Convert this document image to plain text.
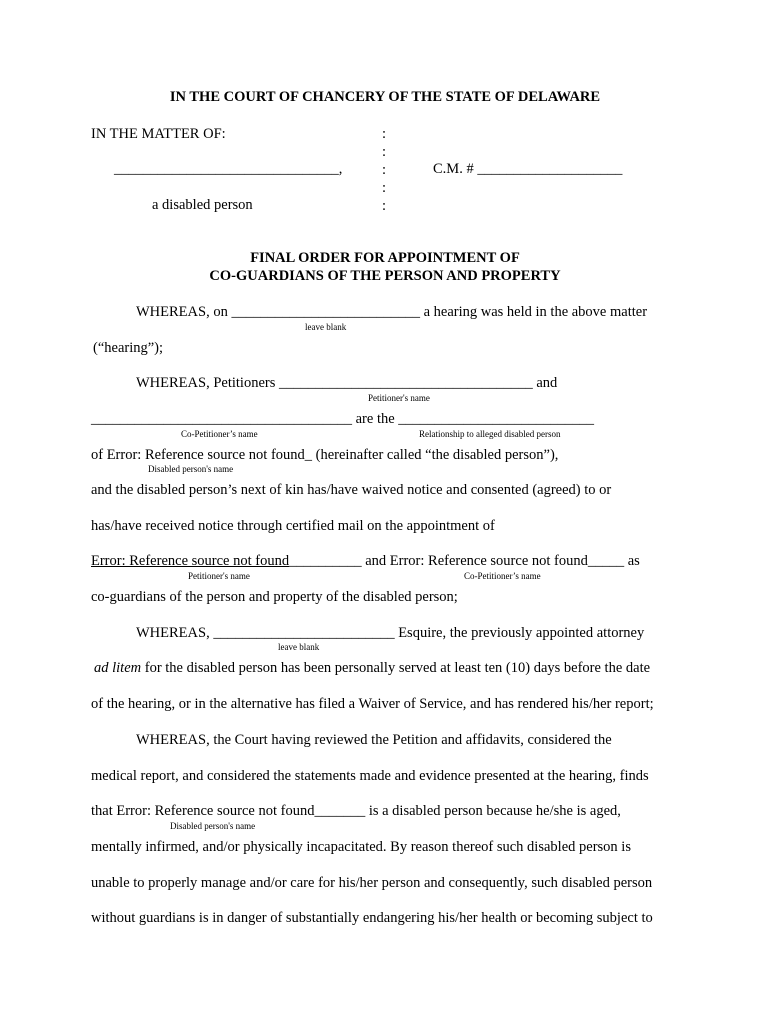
IN THE COURT OF CHANCERY OF THE STATE OF DELAWARE
IN THE MATTER OF:
_______________________________,
a disabled person
:
:
:
:
:
C.M. # ____________________
FINAL ORDER FOR APPOINTMENT OF
CO-GUARDIANS OF THE PERSON AND PROPERTY
WHEREAS, on __________________________ a hearing was held in the above matter
leave blank
(“hearing”);
WHEREAS, Petitioners ___________________________________ and
Petitioner's name
____________________________________ are the ___________________________
Co-Petitioner’s name	Relationship to alleged disabled person
of Error: Reference source not found_ (hereinafter called “the disabled person”),
Disabled person's name
and the disabled person’s next of kin has/have waived notice and consented (agreed) to or
has/have received notice through certified mail on the appointment of
Error: Reference source not found__________ and Error: Reference source not found_____ as
Petitioner's name	Co-Petitioner’s name
co-guardians of the person and property of the disabled person;
WHEREAS, _________________________ Esquire, the previously appointed attorney
leave blank
ad litem for the disabled person has been personally served at least ten (10) days before the date
of the hearing, or in the alternative has filed a Waiver of Service, and has rendered his/her report;
WHEREAS, the Court having reviewed the Petition and affidavits, considered the
medical report, and considered the statements made and evidence presented at the hearing, finds
that Error: Reference source not found_______ is a disabled person because he/she is aged,
Disabled person's name
mentally infirmed, and/or physically incapacitated. By reason thereof such disabled person is
unable to properly manage and/or care for his/her person and consequently, such disabled person
without guardians is in danger of substantially endangering his/her health or becoming subject to
